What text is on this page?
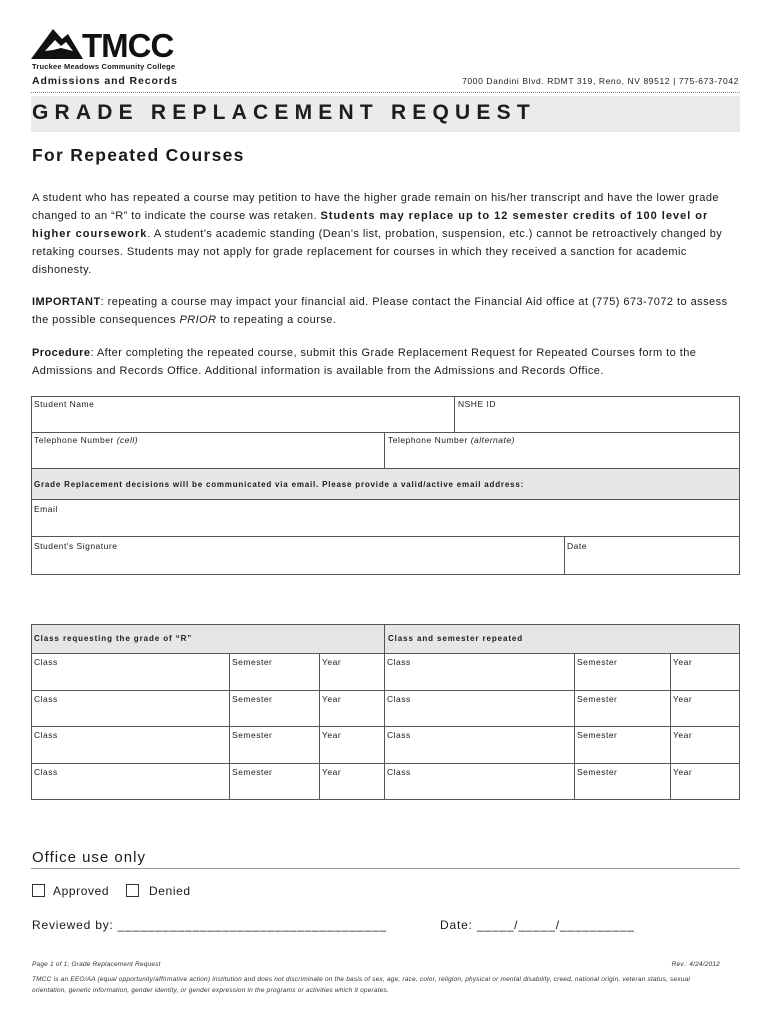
TMCC
Truckee Meadows Community College
Admissions and Records	7000 Dandini Blvd. RDMT 319, Reno, NV 89512 | 775-673-7042
GRADE REPLACEMENT REQUEST
For Repeated Courses
A student who has repeated a course may petition to have the higher grade remain on his/her transcript and have the lower grade changed to an “R” to indicate the course was retaken. Students may replace up to 12 semester credits of 100 level or higher coursework. A student's academic standing (Dean's list, probation, suspension, etc.) cannot be retroactively changed by retaking courses. Students may not apply for grade replacement for courses in which they received a sanction for academic dishonesty.
IMPORTANT: repeating a course may impact your financial aid. Please contact the Financial Aid office at (775) 673-7072 to assess the possible consequences PRIOR to repeating a course.
Procedure: After completing the repeated course, submit this Grade Replacement Request for Repeated Courses form to the Admissions and Records Office. Additional information is available from the Admissions and Records Office.
Student Name	NSHE ID
Telephone Number (cell)	Telephone Number (alternate)
Grade Replacement decisions will be communicated via email. Please provide a valid/active email address:
Email
Student's Signature	Date
Class requesting the grade of “R”	Class and semester repeated
Class	Semester	Year	Class	Semester	Year
Class	Semester	Year	Class	Semester	Year
Class	Semester	Year	Class	Semester	Year
Class	Semester	Year	Class	Semester	Year
Office use only
Approved	Denied
Reviewed by: ____________________________________	Date: _____/_____/__________
Page 1 of 1; Grade Replacement Request	Rev.: 4/24/2012
TMCC is an EEO/AA (equal opportunity/affirmative action) institution and does not discriminate on the basis of sex, age, race, color, religion, physical or mental disability, creed, national origin, veteran status, sexual orientation, genetic information, gender identity, or gender expression in the programs or activities which it operates.
